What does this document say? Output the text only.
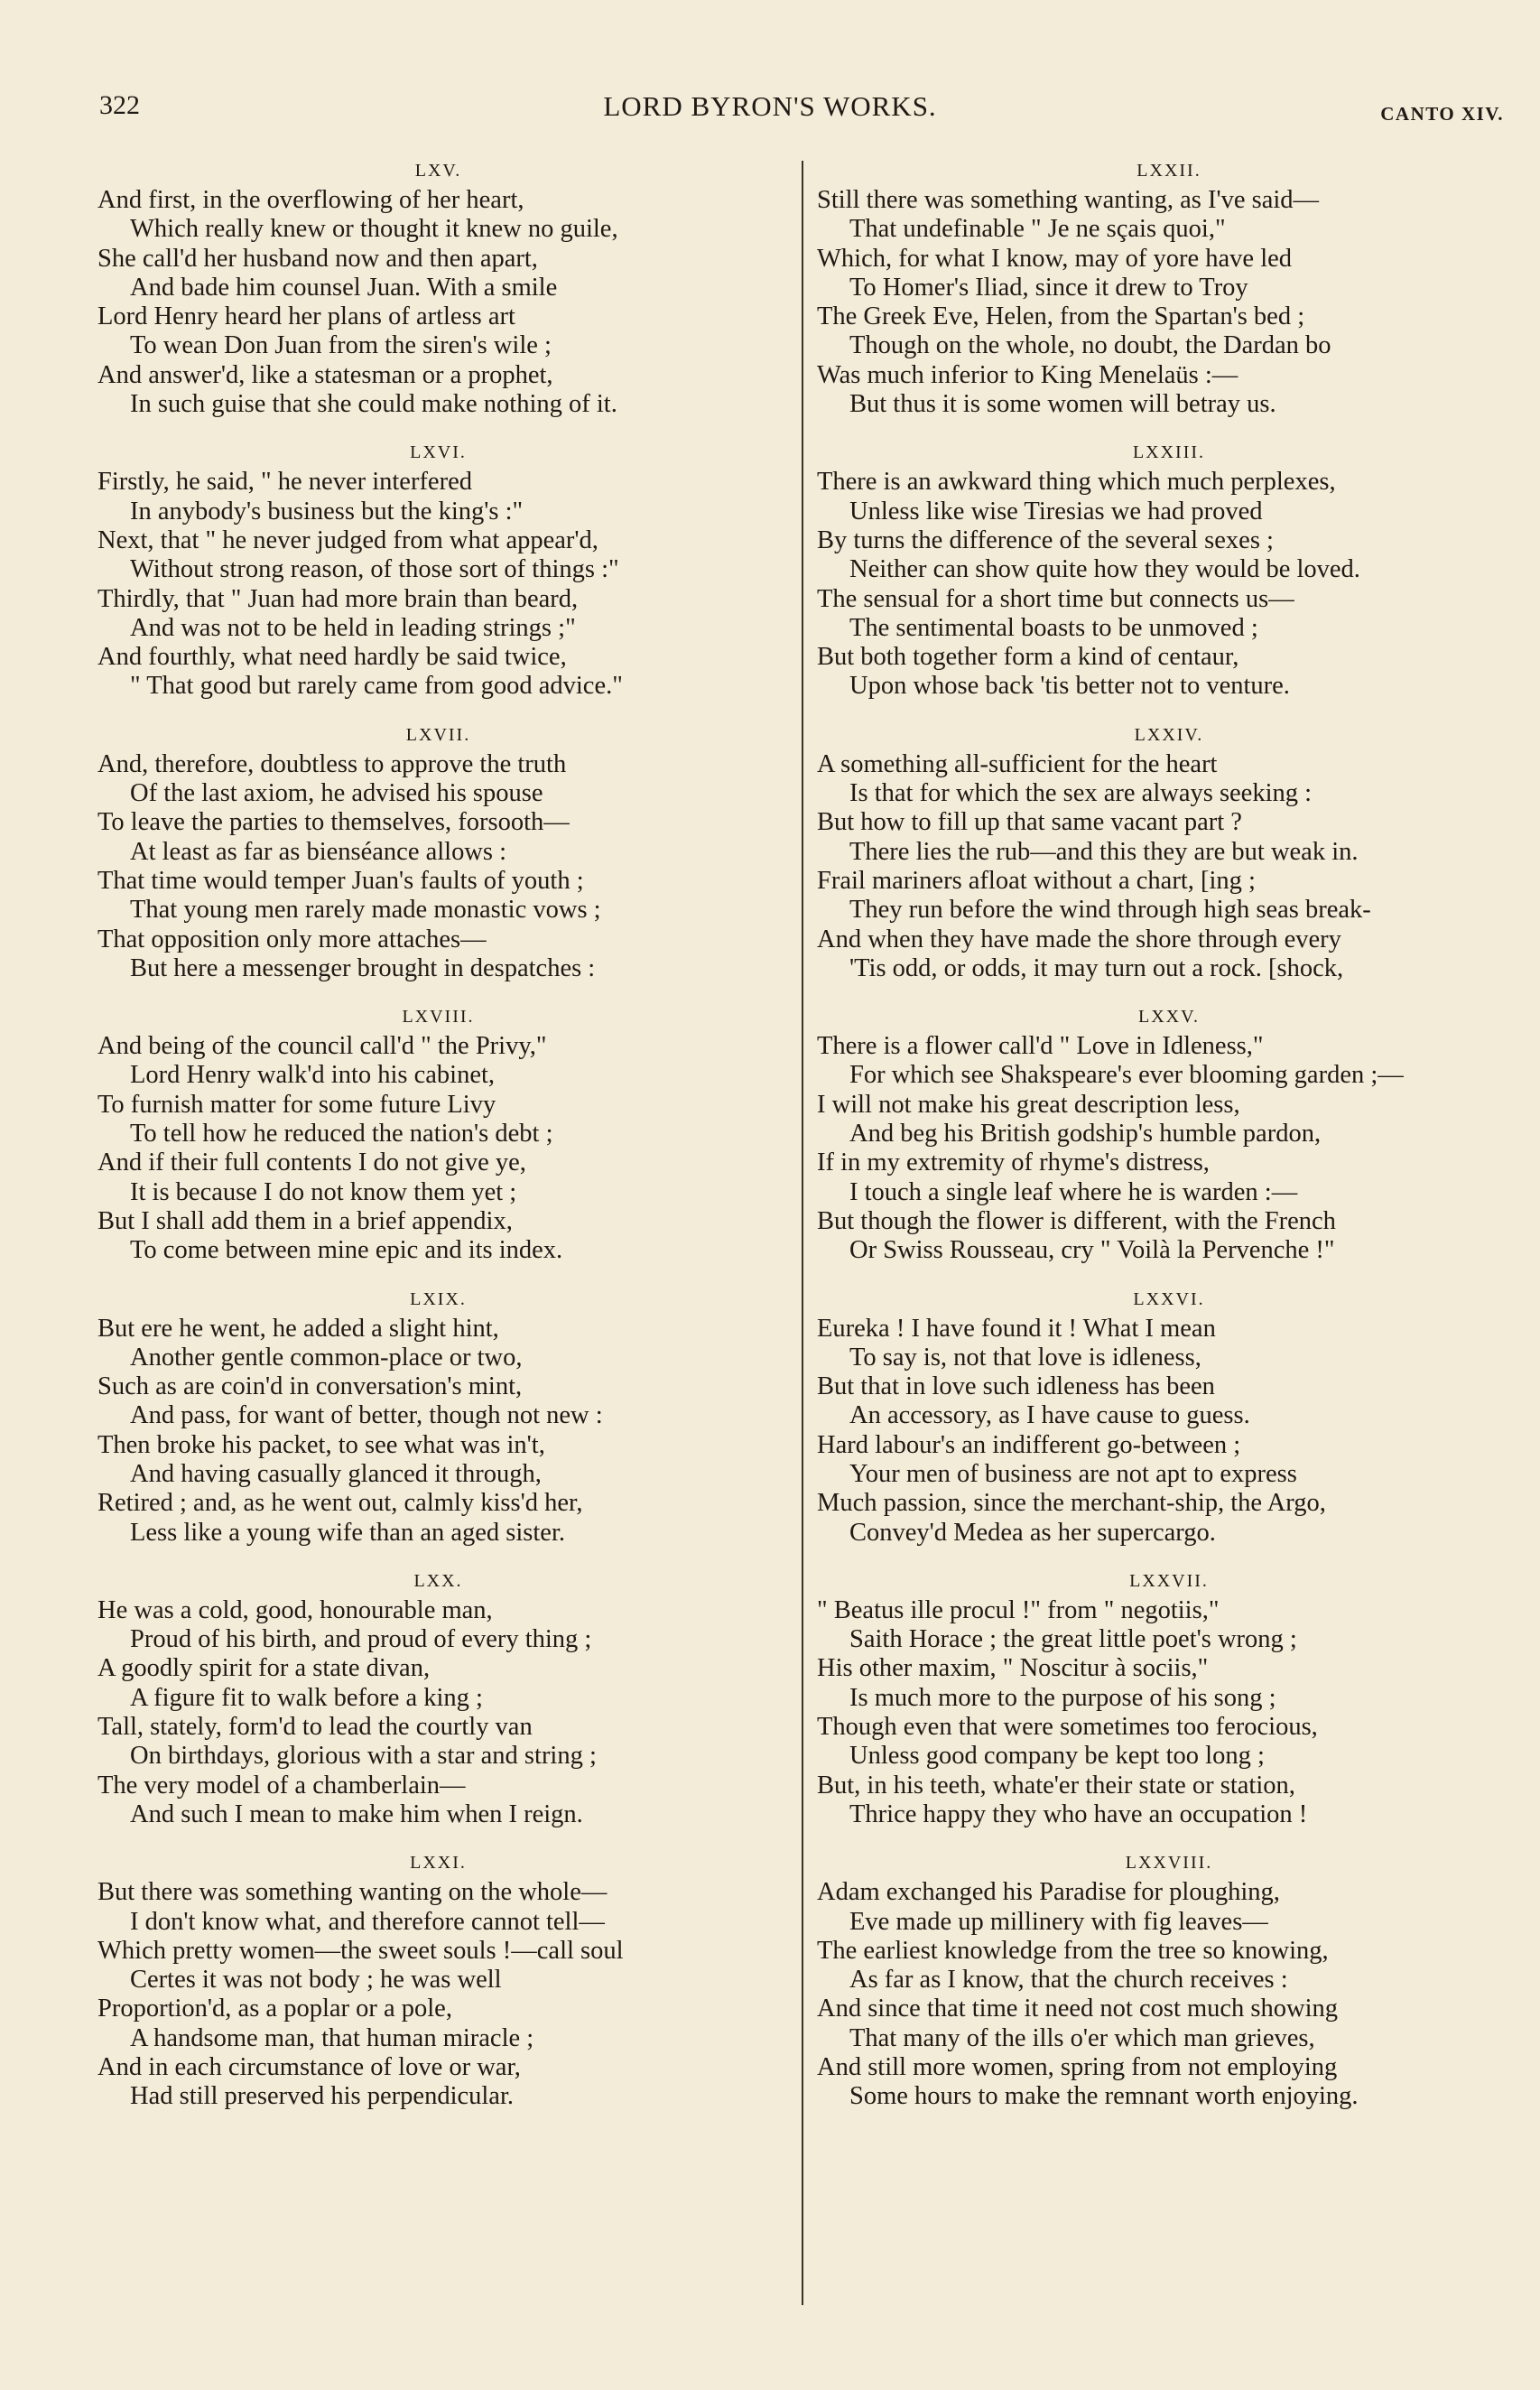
322	LORD BYRON'S WORKS.	CANTO XIV.
LXV.
And first, in the overflowing of her heart,
Which really knew or thought it knew no guile,
She call'd her husband now and then apart,
And bade him counsel Juan. With a smile
Lord Henry heard her plans of artless art
To wean Don Juan from the siren's wile ;
And answer'd, like a statesman or a prophet,
In such guise that she could make nothing of it.
LXVI.
Firstly, he said, " he never interfered
In anybody's business but the king's :"
Next, that " he never judged from what appear'd,
Without strong reason, of those sort of things :"
Thirdly, that " Juan had more brain than beard,
And was not to be held in leading strings ;"
And fourthly, what need hardly be said twice,
" That good but rarely came from good advice."
LXVII.
And, therefore, doubtless to approve the truth
Of the last axiom, he advised his spouse
To leave the parties to themselves, forsooth—
At least as far as bienséance allows :
That time would temper Juan's faults of youth ;
That young men rarely made monastic vows ;
That opposition only more attaches—
But here a messenger brought in despatches :
LXVIII.
And being of the council call'd " the Privy,"
Lord Henry walk'd into his cabinet,
To furnish matter for some future Livy
To tell how he reduced the nation's debt ;
And if their full contents I do not give ye,
It is because I do not know them yet ;
But I shall add them in a brief appendix,
To come between mine epic and its index.
LXIX.
But ere he went, he added a slight hint,
Another gentle common-place or two,
Such as are coin'd in conversation's mint,
And pass, for want of better, though not new :
Then broke his packet, to see what was in't,
And having casually glanced it through,
Retired ; and, as he went out, calmly kiss'd her,
Less like a young wife than an aged sister.
LXX.
He was a cold, good, honourable man,
Proud of his birth, and proud of every thing ;
A goodly spirit for a state divan,
A figure fit to walk before a king ;
Tall, stately, form'd to lead the courtly van
On birthdays, glorious with a star and string ;
The very model of a chamberlain—
And such I mean to make him when I reign.
LXXI.
But there was something wanting on the whole—
I don't know what, and therefore cannot tell—
Which pretty women—the sweet souls !—call soul
Certes it was not body ; he was well
Proportion'd, as a poplar or a pole,
A handsome man, that human miracle ;
And in each circumstance of love or war,
Had still preserved his perpendicular.
LXXII.
Still there was something wanting, as I've said—
That undefinable " Je ne sçais quoi,"
Which, for what I know, may of yore have led
To Homer's Iliad, since it drew to Troy
The Greek Eve, Helen, from the Spartan's bed ;
Though on the whole, no doubt, the Dardan bo
Was much inferior to King Menelaüs :—
But thus it is some women will betray us.
LXXIII.
There is an awkward thing which much perplexes,
Unless like wise Tiresias we had proved
By turns the difference of the several sexes ;
Neither can show quite how they would be loved.
The sensual for a short time but connects us—
The sentimental boasts to be unmoved ;
But both together form a kind of centaur,
Upon whose back 'tis better not to venture.
LXXIV.
A something all-sufficient for the heart
Is that for which the sex are always seeking :
But how to fill up that same vacant part ?
There lies the rub—and this they are but weak in.
Frail mariners afloat without a chart, [ing ;
They run before the wind through high seas break-
And when they have made the shore through every
'Tis odd, or odds, it may turn out a rock. [shock,
LXXV.
There is a flower call'd " Love in Idleness,"
For which see Shakspeare's ever blooming garden ;—
I will not make his great description less,
And beg his British godship's humble pardon,
If in my extremity of rhyme's distress,
I touch a single leaf where he is warden :—
But though the flower is different, with the French
Or Swiss Rousseau, cry " Voilà la Pervenche !"
LXXVI.
Eureka ! I have found it ! What I mean
To say is, not that love is idleness,
But that in love such idleness has been
An accessory, as I have cause to guess.
Hard labour's an indifferent go-between ;
Your men of business are not apt to express
Much passion, since the merchant-ship, the Argo,
Convey'd Medea as her supercargo.
LXXVII.
" Beatus ille procul !" from " negotiis,"
Saith Horace ; the great little poet's wrong ;
His other maxim, " Noscitur à sociis,"
Is much more to the purpose of his song ;
Though even that were sometimes too ferocious,
Unless good company be kept too long ;
But, in his teeth, whate'er their state or station,
Thrice happy they who have an occupation !
LXXVIII.
Adam exchanged his Paradise for ploughing,
Eve made up millinery with fig leaves—
The earliest knowledge from the tree so knowing,
As far as I know, that the church receives :
And since that time it need not cost much showing
That many of the ills o'er which man grieves,
And still more women, spring from not employing
Some hours to make the remnant worth enjoying.
